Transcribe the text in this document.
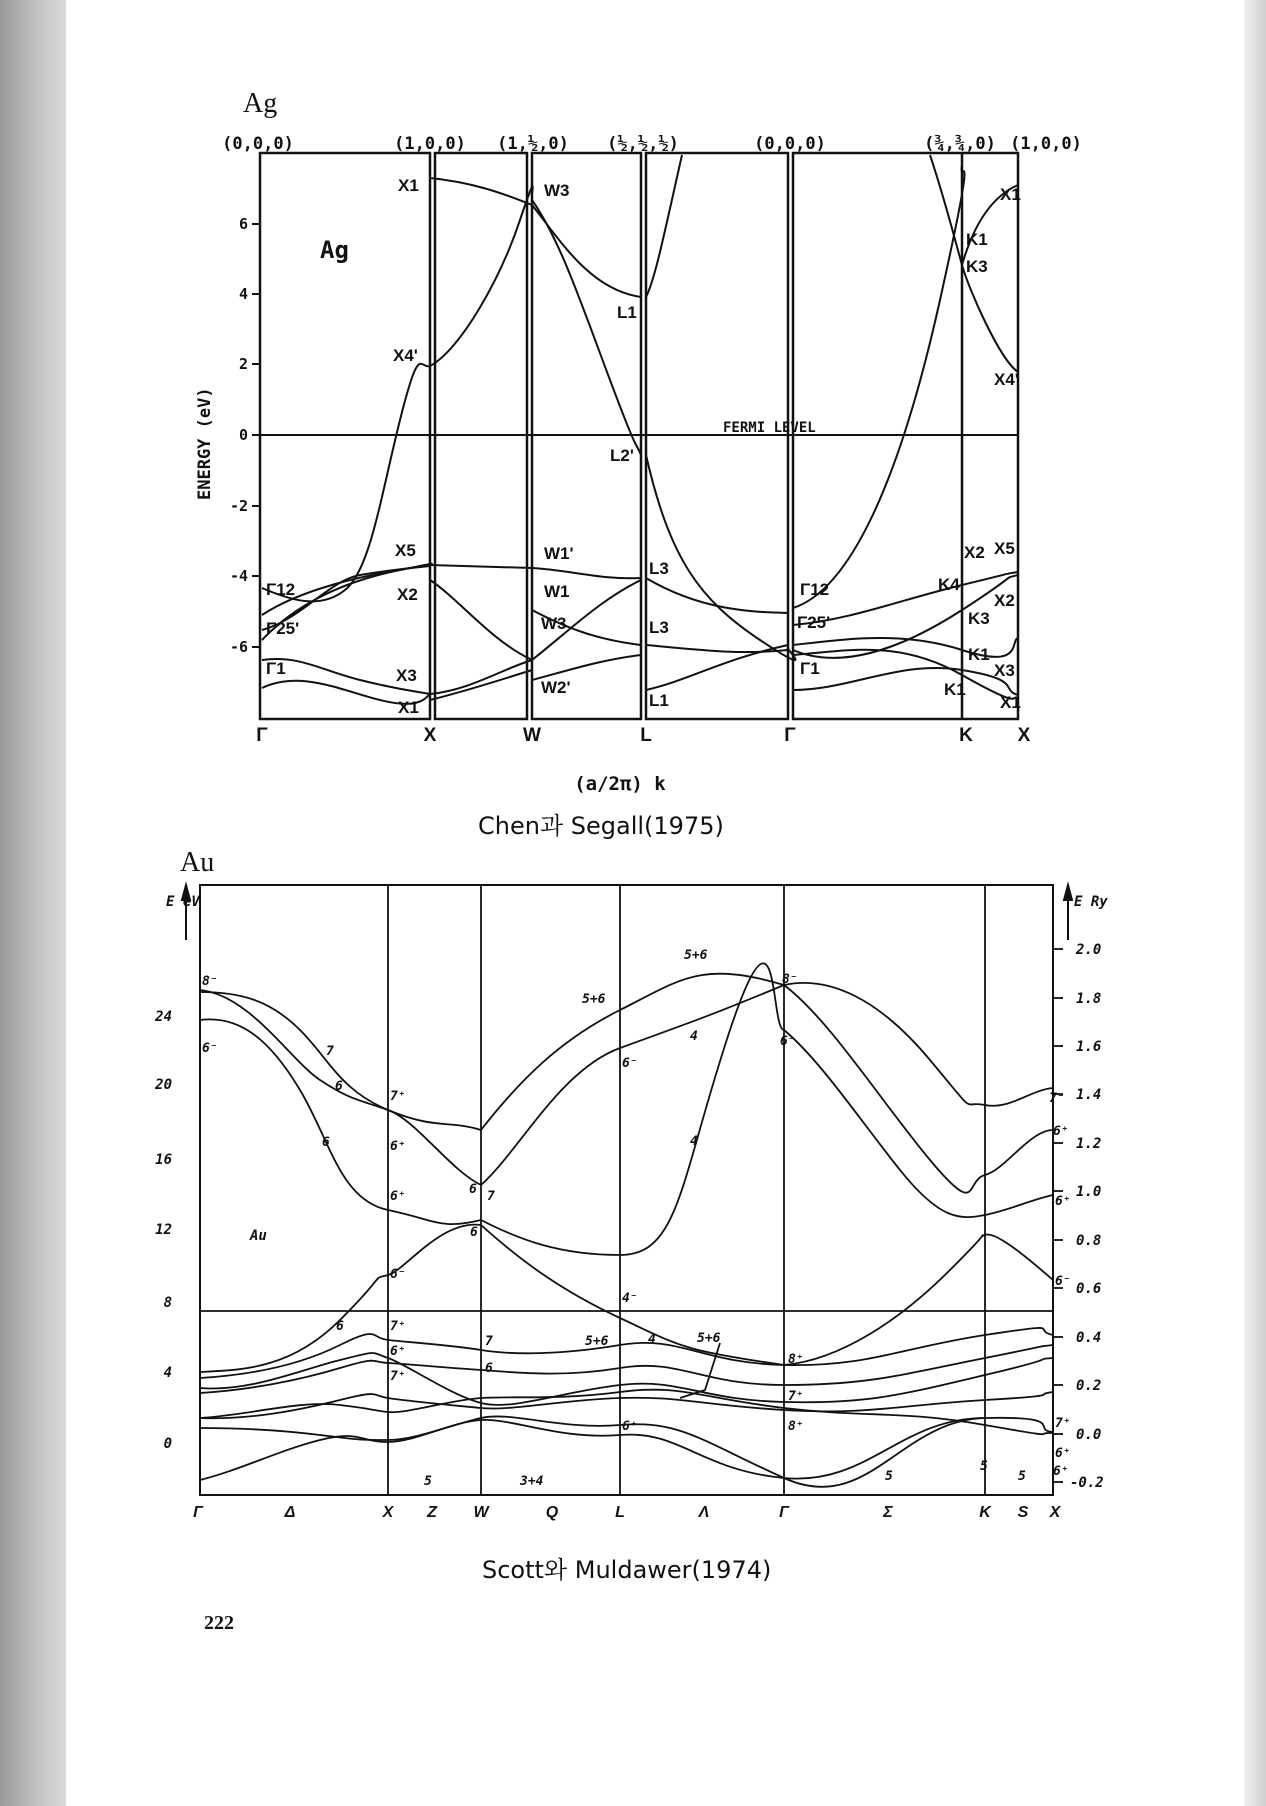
Ag
6
4
2
0
-2
-4
-6
ENERGY (eV)
(0,0,0)	(1,0,0) (1,½,0) (½,½,½)	(0,0,0)	(¾,¾,0) (1,0,0)
Γ	X	W	L	Γ	K X
(a/2π) k
Ag
FERMI LEVEL
X1
X4'
X5
X2
X3
X1
W3
W1'
W1
W3
W2'
L1
L2'
L3
L3
L1
Γ12
Γ25'
Γ1
Γ12
Γ25'
Γ1
K1
K3
K4
K3
K1
K1
X1
X4'
X2
X5
X2
X3
X1
Au
E eV	E Ry
24
20
16
12
8
4
0
2.0
1.8
1.6
1.4
1.2
1.0
0.8
0.6
0.4
0.2
0.0
-0.2
Γ	Δ	X Z W	Q	L	Λ	Γ	Σ	K S X
Au
8⁻
6⁻	7
6
6
7⁺
6⁺
6⁺	6 7
6
6⁻
5+6
5+6
6⁻
4
4
8⁻
6⁻
7⁻
6⁺
6⁺
6⁻
6	7⁺
6⁺
7⁺
7
6
5+6
4⁻
4	5+6
8⁺
7⁺
6⁺	7⁺
6⁺
8⁺
5	3+4	5
5
5 6⁺
Chen과 Segall(1975)
Scott와 Muldawer(1974)
222
